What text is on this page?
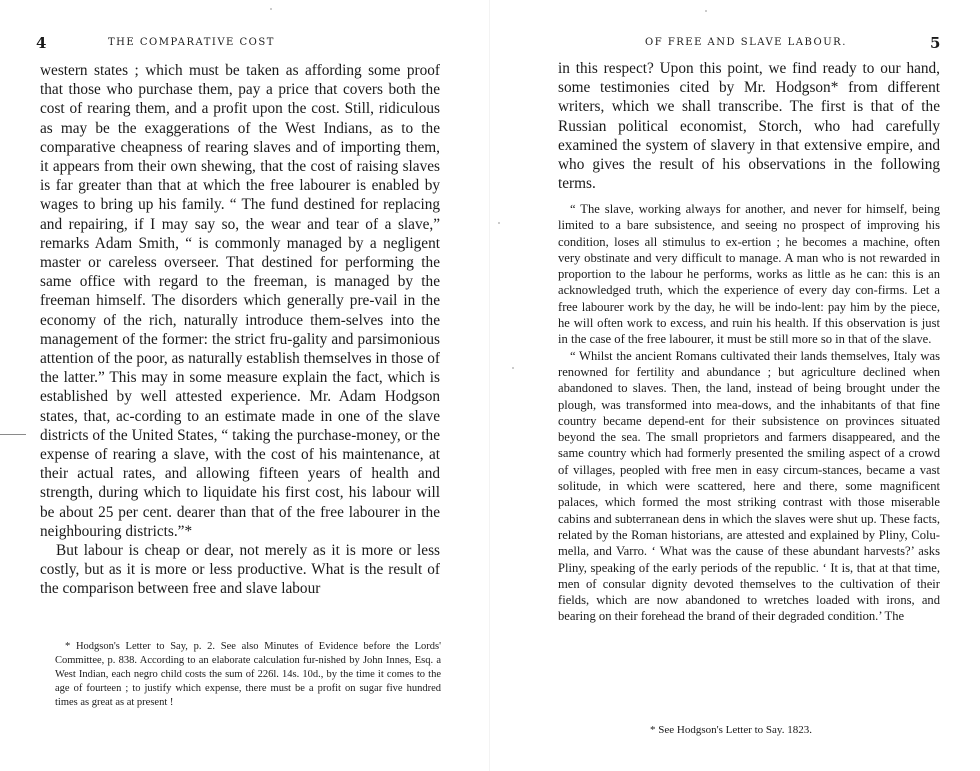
4	THE COMPARATIVE COST

western states ; which must be taken as affording some proof that those who purchase them, pay a price that covers both the cost of rearing them, and a profit upon the cost. Still, ridiculous as may be the exaggerations of the West Indians, as to the comparative cheapness of rearing slaves and of importing them, it appears from their own shewing, that the cost of raising slaves is far greater than that at which the free labourer is enabled by wages to bring up his family. “ The fund destined for replacing and repairing, if I may say so, the wear and tear of a slave,” remarks Adam Smith, “ is commonly managed by a negligent master or careless overseer. That destined for performing the same office with regard to the freeman, is managed by the freeman himself. The disorders which generally pre-vail in the economy of the rich, naturally introduce them-selves into the management of the former: the strict fru-gality and parsimonious attention of the poor, as naturally establish themselves in those of the latter.” This may in some measure explain the fact, which is established by well attested experience. Mr. Adam Hodgson states, that, ac-cording to an estimate made in one of the slave districts of the United States, “ taking the purchase-money, or the expense of rearing a slave, with the cost of his maintenance, at their actual rates, and allowing fifteen years of health and strength, during which to liquidate his first cost, his labour will be about 25 per cent. dearer than that of the free labourer in the neighbouring districts.”*

But labour is cheap or dear, not merely as it is more or less costly, but as it is more or less productive. What is the result of the comparison between free and slave labour

* Hodgson's Letter to Say, p. 2. See also Minutes of Evidence before the Lords' Committee, p. 838. According to an elaborate calculation fur-nished by John Innes, Esq. a West Indian, each negro child costs the sum of 226l. 14s. 10d., by the time it comes to the age of fourteen ; to justify which expense, there must be a profit on sugar five hundred times as great as at present !

OF FREE AND SLAVE LABOUR.	5

in this respect? Upon this point, we find ready to our hand, some testimonies cited by Mr. Hodgson* from different writers, which we shall transcribe. The first is that of the Russian political economist, Storch, who had carefully examined the system of slavery in that extensive empire, and who gives the result of his observations in the following terms.

“ The slave, working always for another, and never for himself, being limited to a bare subsistence, and seeing no prospect of improving his condition, loses all stimulus to ex-ertion ; he becomes a machine, often very obstinate and very difficult to manage. A man who is not rewarded in proportion to the labour he performs, works as little as he can: this is an acknowledged truth, which the experience of every day con-firms. Let a free labourer work by the day, he will be indo-lent: pay him by the piece, he will often work to excess, and ruin his health. If this observation is just in the case of the free labourer, it must be still more so in that of the slave.

“ Whilst the ancient Romans cultivated their lands themselves, Italy was renowned for fertility and abundance ; but agriculture declined when abandoned to slaves. Then, the land, instead of being brought under the plough, was transformed into mea-dows, and the inhabitants of that fine country became depend-ent for their subsistence on provinces situated beyond the sea. The small proprietors and farmers disappeared, and the same country which had formerly presented the smiling aspect of a crowd of villages, peopled with free men in easy circum-stances, became a vast solitude, in which were scattered, here and there, some magnificent palaces, which formed the most striking contrast with those miserable cabins and subterranean dens in which the slaves were shut up. These facts, related by the Roman historians, are attested and explained by Pliny, Colu-mella, and Varro. ‘ What was the cause of these abundant harvests?’ asks Pliny, speaking of the early periods of the republic. ‘ It is, that at that time, men of consular dignity devoted themselves to the cultivation of their fields, which are now abandoned to wretches loaded with irons, and bearing on their forehead the brand of their degraded condition.’ The

* See Hodgson's Letter to Say. 1823.
